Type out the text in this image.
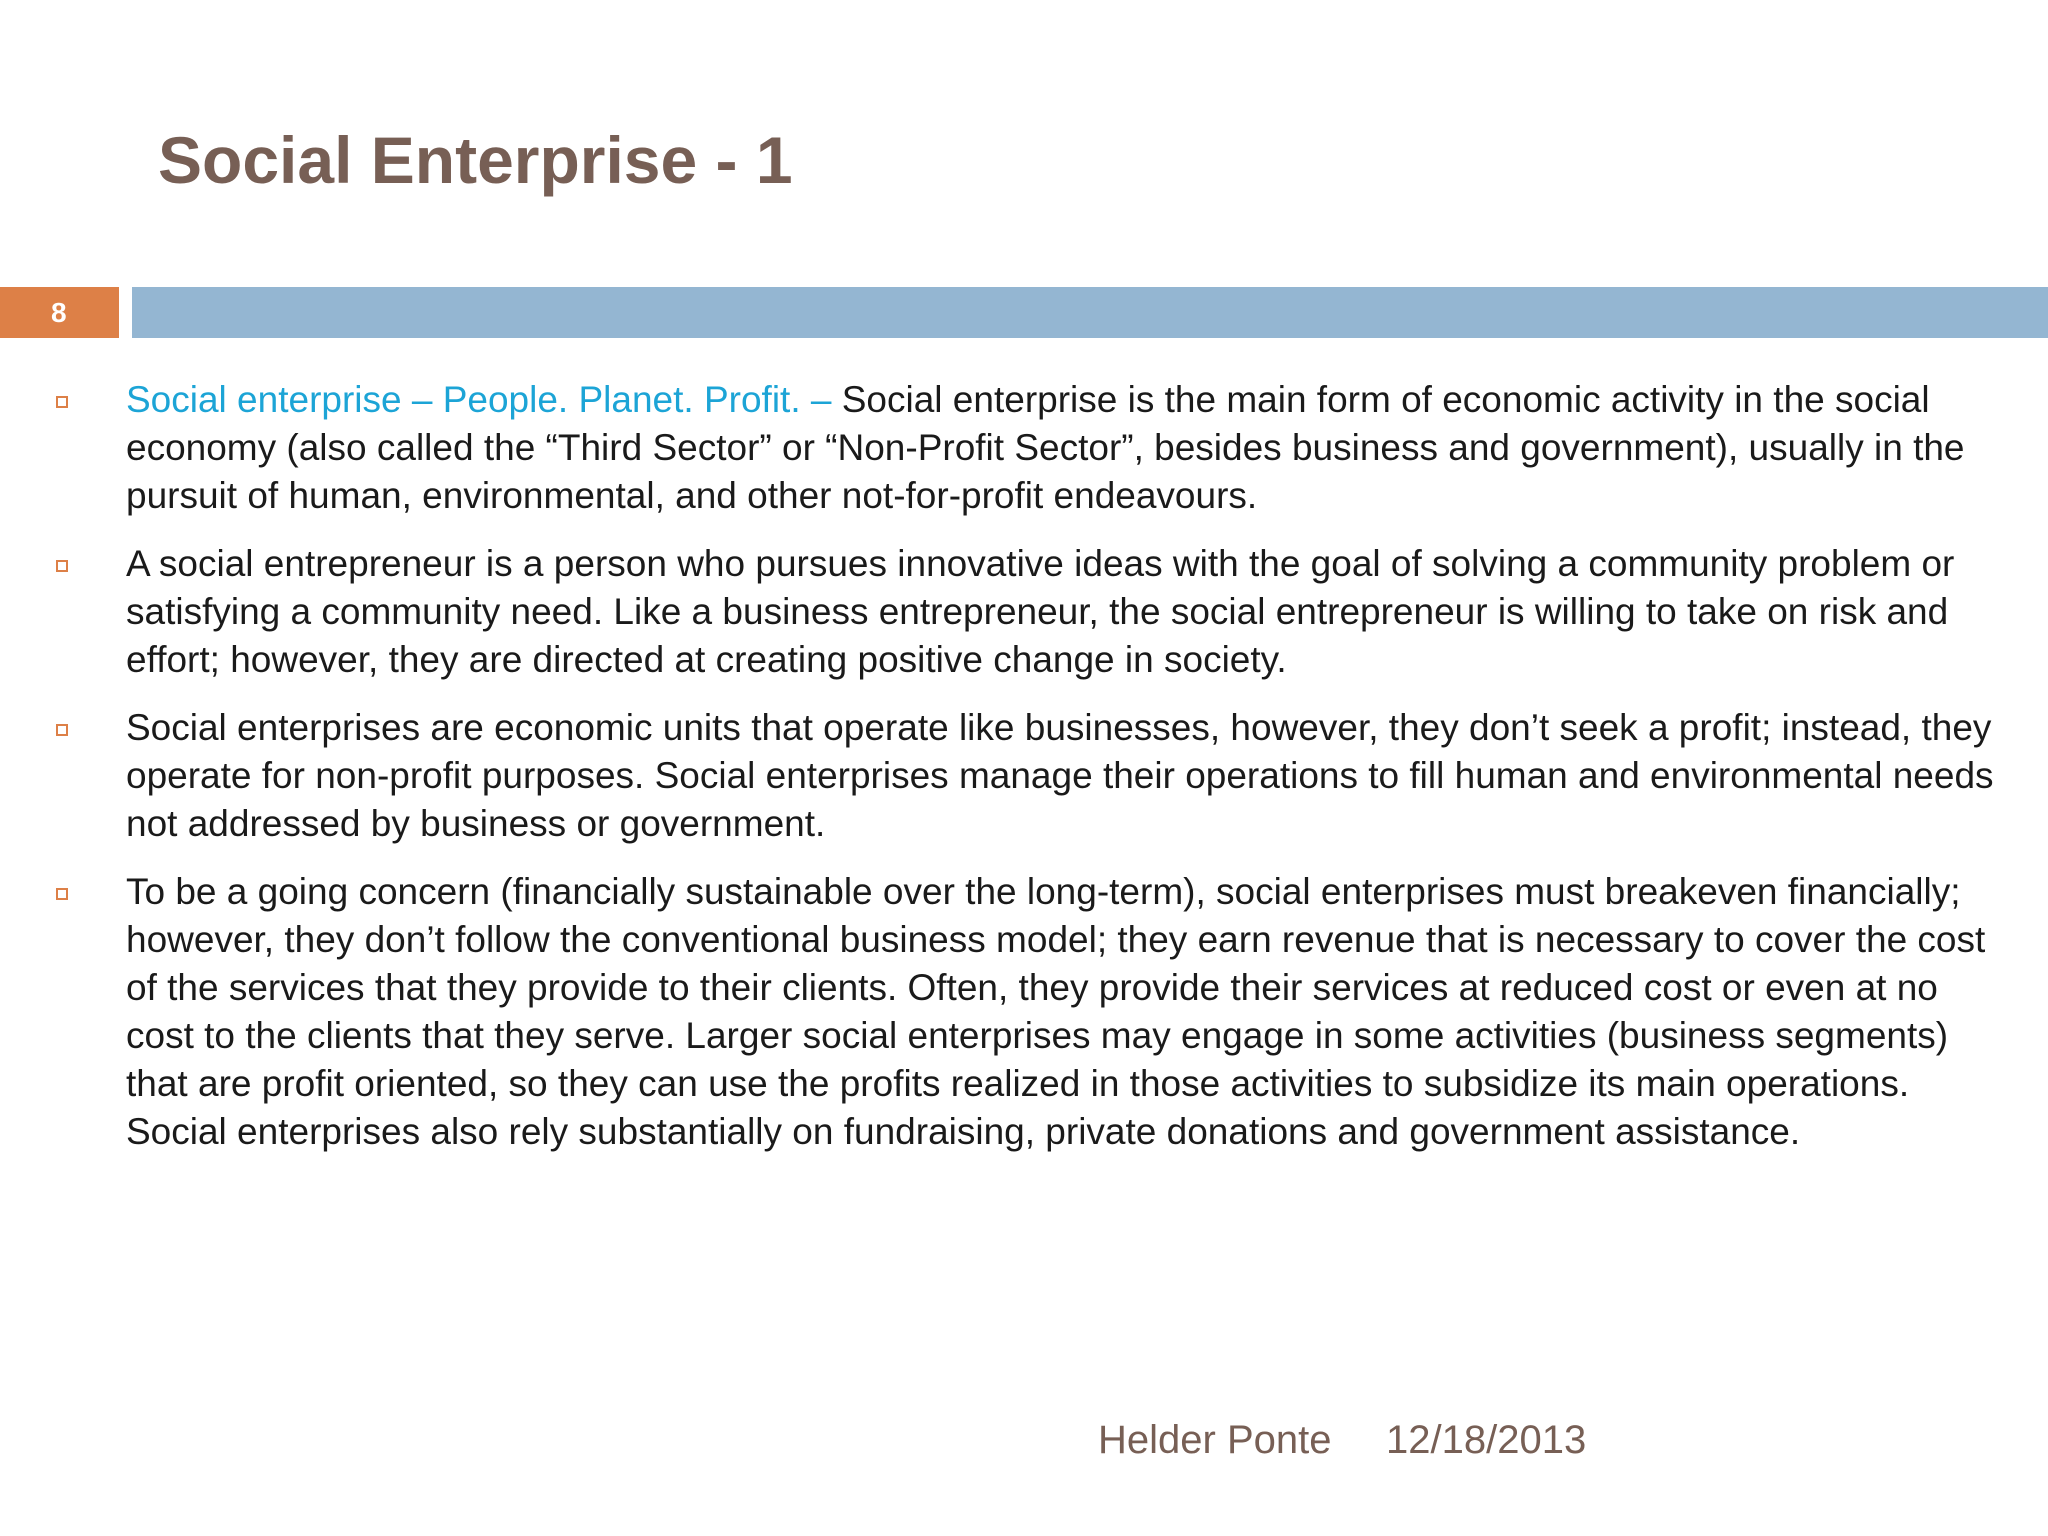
Social Enterprise - 1
8
Social enterprise – People. Planet. Profit. – Social enterprise is the main form of economic activity in the social economy (also called the “Third Sector” or “Non-Profit Sector”, besides business and government), usually in the pursuit of human, environmental, and other not-for-profit endeavours.
A social entrepreneur is a person who pursues innovative ideas with the goal of solving a community problem or satisfying a community need. Like a business entrepreneur, the social entrepreneur is willing to take on risk and effort; however, they are directed at creating positive change in society.
Social enterprises are economic units that operate like businesses, however, they don’t seek a profit; instead, they operate for non-profit purposes. Social enterprises manage their operations to fill human and environmental needs not addressed by business or government.
To be a going concern (financially sustainable over the long-term), social enterprises must breakeven financially; however, they don’t follow the conventional business model; they earn revenue that is necessary to cover the cost of the services that they provide to their clients. Often, they provide their services at reduced cost or even at no cost to the clients that they serve. Larger social enterprises may engage in some activities (business segments) that are profit oriented, so they can use the profits realized in those activities to subsidize its main operations. Social enterprises also rely substantially on fundraising, private donations and government assistance.
Helder Ponte 12/18/2013
